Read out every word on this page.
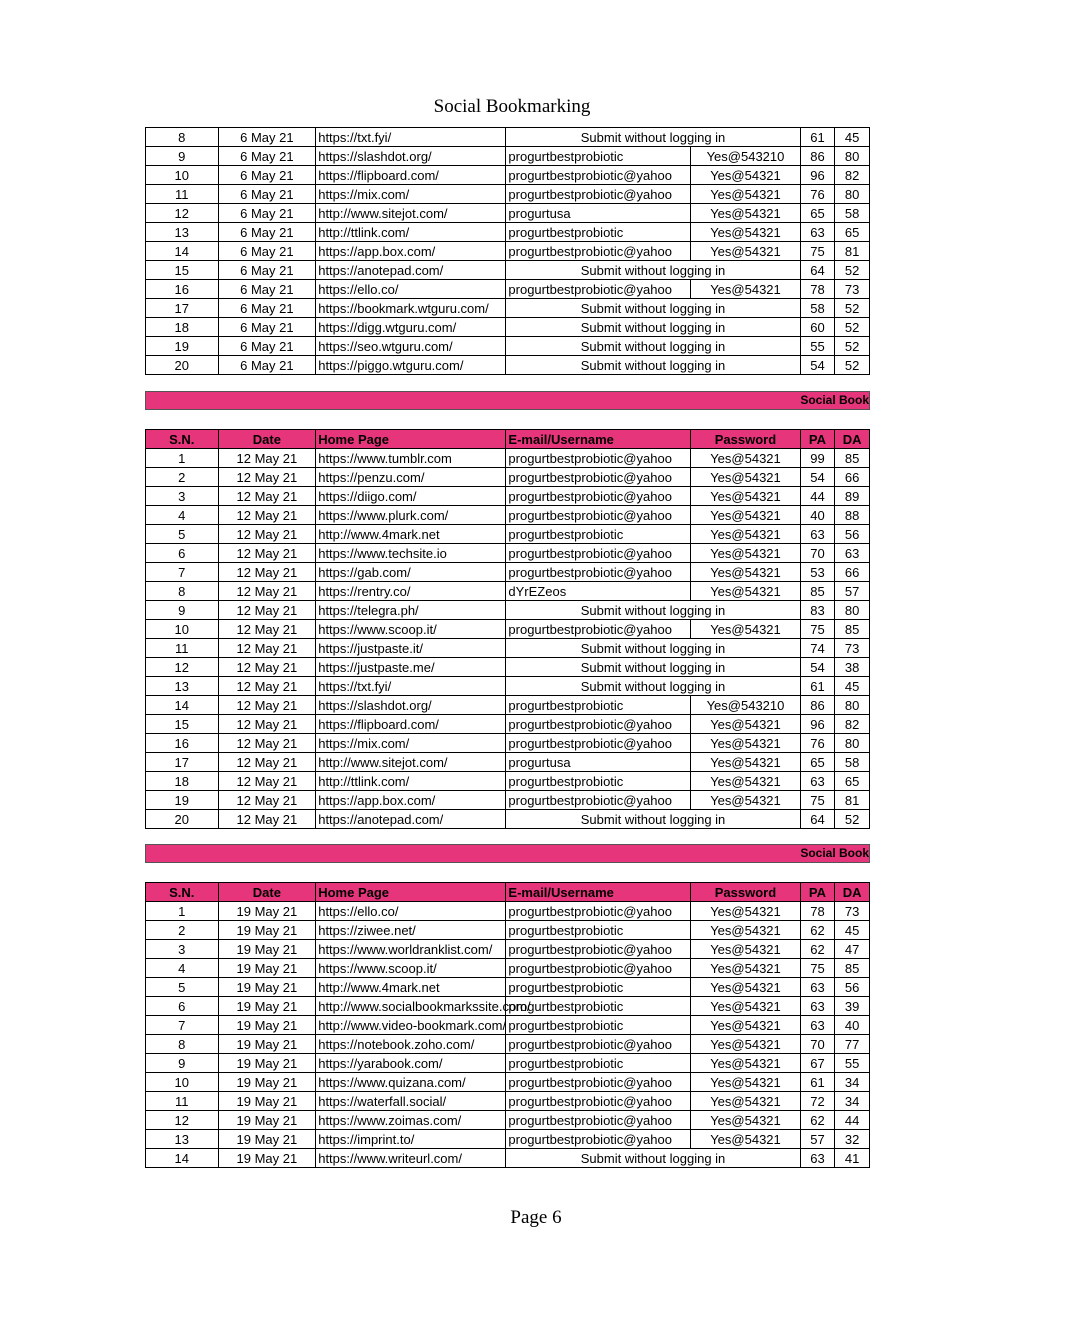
Social Bookmarking
8	6 May 21	https://txt.fyi/	Submit without logging in		61	45
9	6 May 21	https://slashdot.org/	progurtbestprobiotic	Yes@543210	86	80
10	6 May 21	https://flipboard.com/	progurtbestprobiotic@yahoo	Yes@54321	96	82
11	6 May 21	https://mix.com/	progurtbestprobiotic@yahoo	Yes@54321	76	80
12	6 May 21	http://www.sitejot.com/	progurtusa	Yes@54321	65	58
13	6 May 21	http://ttlink.com/	progurtbestprobiotic	Yes@54321	63	65
14	6 May 21	https://app.box.com/	progurtbestprobiotic@yahoo	Yes@54321	75	81
15	6 May 21	https://anotepad.com/	Submit without logging in		64	52
16	6 May 21	https://ello.co/	progurtbestprobiotic@yahoo	Yes@54321	78	73
17	6 May 21	https://bookmark.wtguru.com/	Submit without logging in		58	52
18	6 May 21	https://digg.wtguru.com/	Submit without logging in		60	52
19	6 May 21	https://seo.wtguru.com/	Submit without logging in		55	52
20	6 May 21	https://piggo.wtguru.com/	Submit without logging in		54	52
Social Book
S.N.	Date	Home Page	E-mail/Username	Password	PA	DA
1	12 May 21	https://www.tumblr.com	progurtbestprobiotic@yahoo	Yes@54321	99	85
2	12 May 21	https://penzu.com/	progurtbestprobiotic@yahoo	Yes@54321	54	66
3	12 May 21	https://diigo.com/	progurtbestprobiotic@yahoo	Yes@54321	44	89
4	12 May 21	https://www.plurk.com/	progurtbestprobiotic@yahoo	Yes@54321	40	88
5	12 May 21	http://www.4mark.net	progurtbestprobiotic	Yes@54321	63	56
6	12 May 21	https://www.techsite.io	progurtbestprobiotic@yahoo	Yes@54321	70	63
7	12 May 21	https://gab.com/	progurtbestprobiotic@yahoo	Yes@54321	53	66
8	12 May 21	https://rentry.co/	dYrEZeos	Yes@54321	85	57
9	12 May 21	https://telegra.ph/	Submit without logging in		83	80
10	12 May 21	https://www.scoop.it/	progurtbestprobiotic@yahoo	Yes@54321	75	85
11	12 May 21	https://justpaste.it/	Submit without logging in		74	73
12	12 May 21	https://justpaste.me/	Submit without logging in		54	38
13	12 May 21	https://txt.fyi/	Submit without logging in		61	45
14	12 May 21	https://slashdot.org/	progurtbestprobiotic	Yes@543210	86	80
15	12 May 21	https://flipboard.com/	progurtbestprobiotic@yahoo	Yes@54321	96	82
16	12 May 21	https://mix.com/	progurtbestprobiotic@yahoo	Yes@54321	76	80
17	12 May 21	http://www.sitejot.com/	progurtusa	Yes@54321	65	58
18	12 May 21	http://ttlink.com/	progurtbestprobiotic	Yes@54321	63	65
19	12 May 21	https://app.box.com/	progurtbestprobiotic@yahoo	Yes@54321	75	81
20	12 May 21	https://anotepad.com/	Submit without logging in		64	52
Social Book
S.N.	Date	Home Page	E-mail/Username	Password	PA	DA
1	19 May 21	https://ello.co/	progurtbestprobiotic@yahoo	Yes@54321	78	73
2	19 May 21	https://ziwee.net/	progurtbestprobiotic	Yes@54321	62	45
3	19 May 21	https://www.worldranklist.com/	progurtbestprobiotic@yahoo	Yes@54321	62	47
4	19 May 21	https://www.scoop.it/	progurtbestprobiotic@yahoo	Yes@54321	75	85
5	19 May 21	http://www.4mark.net	progurtbestprobiotic	Yes@54321	63	56
6	19 May 21	http://www.socialbookmarkssite.com/	progurtbestprobiotic	Yes@54321	63	39
7	19 May 21	http://www.video-bookmark.com/	progurtbestprobiotic	Yes@54321	63	40
8	19 May 21	https://notebook.zoho.com/	progurtbestprobiotic@yahoo	Yes@54321	70	77
9	19 May 21	https://yarabook.com/	progurtbestprobiotic	Yes@54321	67	55
10	19 May 21	https://www.quizana.com/	progurtbestprobiotic@yahoo	Yes@54321	61	34
11	19 May 21	https://waterfall.social/	progurtbestprobiotic@yahoo	Yes@54321	72	34
12	19 May 21	https://www.zoimas.com/	progurtbestprobiotic@yahoo	Yes@54321	62	44
13	19 May 21	https://imprint.to/	progurtbestprobiotic@yahoo	Yes@54321	57	32
14	19 May 21	https://www.writeurl.com/	Submit without logging in		63	41
Page 6
